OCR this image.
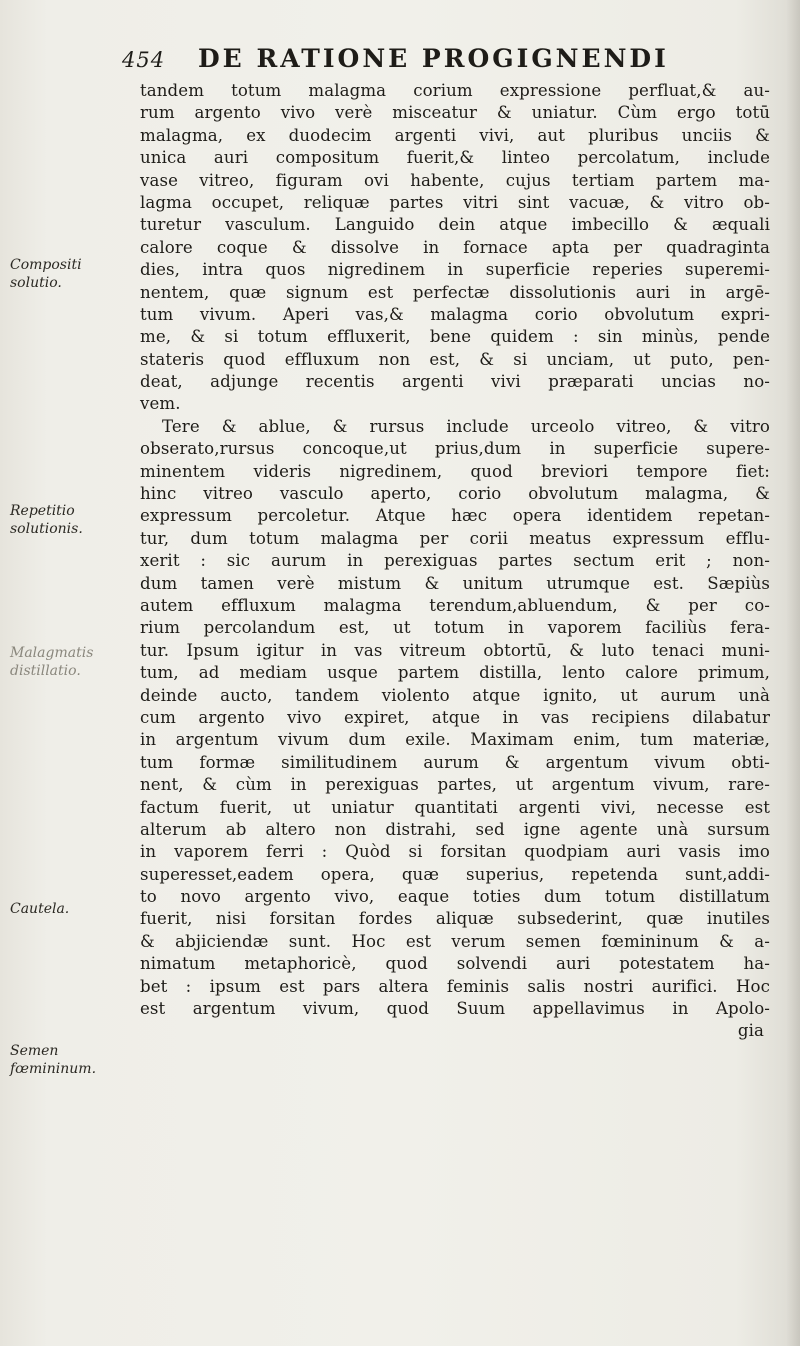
454 DE RATIONE PROGIGNENDI
Compositi solutio.
Repetitio solutionis.
Malagmatis distillatio.
Cautela.
Semen fœmininum.
tandem totum malagma corium expressione perfluat,& au-
rum argento vivo verè misceatur & uniatur. Cùm ergo totū
malagma, ex duodecim argenti vivi, aut pluribus unciis &
unica auri compositum fuerit,& linteo percolatum, include
vase vitreo, figuram ovi habente, cujus tertiam partem ma-
lagma occupet, reliquæ partes vitri sint vacuæ, & vitro ob-
turetur vasculum. Languido dein atque imbecillo & æquali
calore coque & dissolve in fornace apta per quadraginta
dies, intra quos nigredinem in superficie reperies superemi-
nentem, quæ signum est perfectæ dissolutionis auri in argē-
tum vivum. Aperi vas,& malagma corio obvolutum expri-
me, & si totum effluxerit, bene quidem : sin minùs, pende
stateris quod effluxum non est, & si unciam, ut puto, pen-
deat, adjunge recentis argenti vivi præparati uncias no-
vem.
Tere & ablue, & rursus include urceolo vitreo, & vitro
obserato,rursus concoque,ut prius,dum in superficie supere-
minentem videris nigredinem, quod breviori tempore fiet:
hinc vitreo vasculo aperto, corio obvolutum malagma, &
expressum percoletur. Atque hæc opera identidem repetan-
tur, dum totum malagma per corii meatus expressum efflu-
xerit : sic aurum in perexiguas partes sectum erit ; non-
dum tamen verè mistum & unitum utrumque est. Sæpiùs
autem effluxum malagma terendum,abluendum, & per co-
rium percolandum est, ut totum in vaporem faciliùs fera-
tur. Ipsum igitur in vas vitreum obtortū, & luto tenaci muni-
tum, ad mediam usque partem distilla, lento calore primum,
deinde aucto, tandem violento atque ignito, ut aurum unà
cum argento vivo expiret, atque in vas recipiens dilabatur
in argentum vivum dum exile. Maximam enim, tum materiæ,
tum formæ similitudinem aurum & argentum vivum obti-
nent, & cùm in perexiguas partes, ut argentum vivum, rare-
factum fuerit, ut uniatur quantitati argenti vivi, necesse est
alterum ab altero non distrahi, sed igne agente unà sursum
in vaporem ferri : Quòd si forsitan quodpiam auri vasis imo
superesset,eadem opera, quæ superius, repetenda sunt,addi-
to novo argento vivo, eaque toties dum totum distillatum
fuerit, nisi forsitan fordes aliquæ subsederint, quæ inutiles
& abjiciendæ sunt. Hoc est verum semen fœmininum & a-
nimatum metaphoricè, quod solvendi auri potestatem ha-
bet : ipsum est pars altera feminis salis nostri aurifici. Hoc
est argentum vivum, quod Suum appellavimus in Apolo-
gia
